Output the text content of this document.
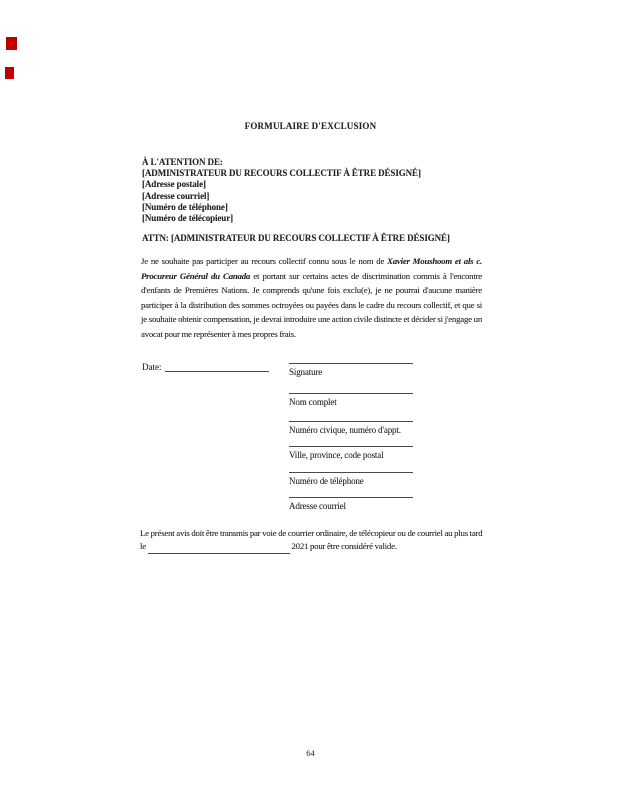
FORMULAIRE D'EXCLUSION
À L'ATENTION DE:
[ADMINISTRATEUR DU RECOURS COLLECTIF À ÊTRE DÉSIGNÉ]
[Adresse postale]
[Adresse courriel]
[Numéro de téléphone]
[Numéro de télécopieur]
ATTN: [ADMINISTRATEUR DU RECOURS COLLECTIF À ÊTRE DÉSIGNÉ]
Je ne souhaite pas participer au recours collectif connu sous le nom de Xavier Moushoom et als c. Procureur Général du Canada et portant sur certains actes de discrimination commis à l'encontre d'enfants de Premières Nations. Je comprends qu'une fois exclu(e), je ne pourrai d'aucune manière participer à la distribution des sommes octroyées ou payées dans le cadre du recours collectif, et que si je souhaite obtenir compensation, je devrai introduire une action civile distincte et décider si j'engage un avocat pour me représenter à mes propres frais.
Date:	Signature
Nom complet
Numéro civique, numéro d'appt.
Ville, province, code postal
Numéro de téléphone
Adresse courriel
Le présent avis doit être transmis par voie de courrier ordinaire, de télécopieur ou de courriel au plus tard le	2021 pour être considéré valide.
64
